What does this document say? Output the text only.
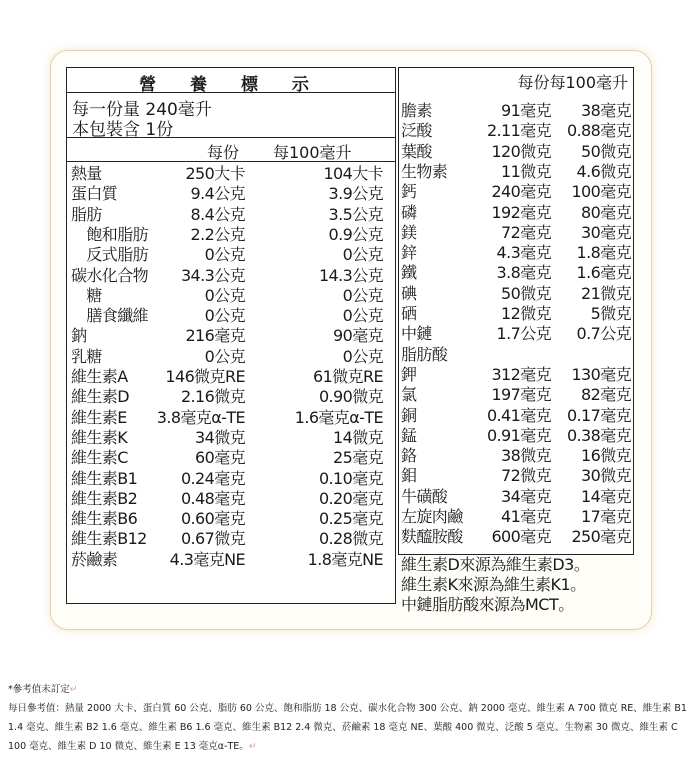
營 養 標 示
每一份量 240毫升
本包裝含 1份
每份 每100毫升
熱量	250大卡	104大卡
蛋白質	9.4公克	3.9公克
脂肪	8.4公克	3.5公克
　飽和脂肪	2.2公克	0.9公克
　反式脂肪	0公克	0公克
碳水化合物 34.3公克	14.3公克
　糖	0公克	0公克
　膳食纖維	0公克	0公克
鈉	216毫克	90毫克
乳糖	0公克	0公克
維生素A 146微克RE	61微克RE
維生素D	2.16微克	0.90微克
維生素E 3.8毫克α-TE	1.6毫克α-TE
維生素K	34微克	14微克
維生素C	60毫克	25毫克
維生素B1	0.24毫克	0.10毫克
維生素B2	0.48毫克	0.20毫克
維生素B6	0.60毫克	0.25毫克
維生素B12 0.67微克	0.28微克
菸鹼素	4.3毫克NE	1.8毫克NE
每份每100毫升
膽素	91毫克 38毫克
泛酸	2.11毫克 0.88毫克
葉酸	120微克 50微克
生物素	11微克 4.6微克
鈣	240毫克 100毫克
磷	192毫克 80毫克
鎂	72毫克 30毫克
鋅	4.3毫克 1.8毫克
鐵	3.8毫克 1.6毫克
碘	50微克 21微克
硒	12微克 5微克
中鏈	1.7公克 0.7公克
脂肪酸
鉀	312毫克 130毫克
氯	197毫克 82毫克
銅	0.41毫克 0.17毫克
錳	0.91毫克 0.38毫克
鉻	38微克 16微克
鉬	72微克 30微克
牛磺酸	34毫克 14毫克
左旋肉鹼 41毫克 17毫克
麩醯胺酸 600毫克 250毫克
維生素D來源為維生素D3。
維生素K來源為維生素K1。
中鏈脂肪酸來源為MCT。
*參考值未訂定↵
每日參考值：熱量 2000 大卡、蛋白質 60 公克、脂肪 60 公克、飽和脂肪 18 公克、碳水化合物 300 公克、鈉 2000 毫克、維生素 A 700 微克 RE、維生素 B1 1.4 毫克、維生素 B2 1.6 毫克、維生素 B6 1.6 毫克、維生素 B12 2.4 微克、菸鹼素 18 毫克 NE、葉酸 400 微克、泛酸 5 毫克、生物素 30 微克、維生素 C 100 毫克、維生素 D 10 微克、維生素 E 13 毫克α-TE。↵
